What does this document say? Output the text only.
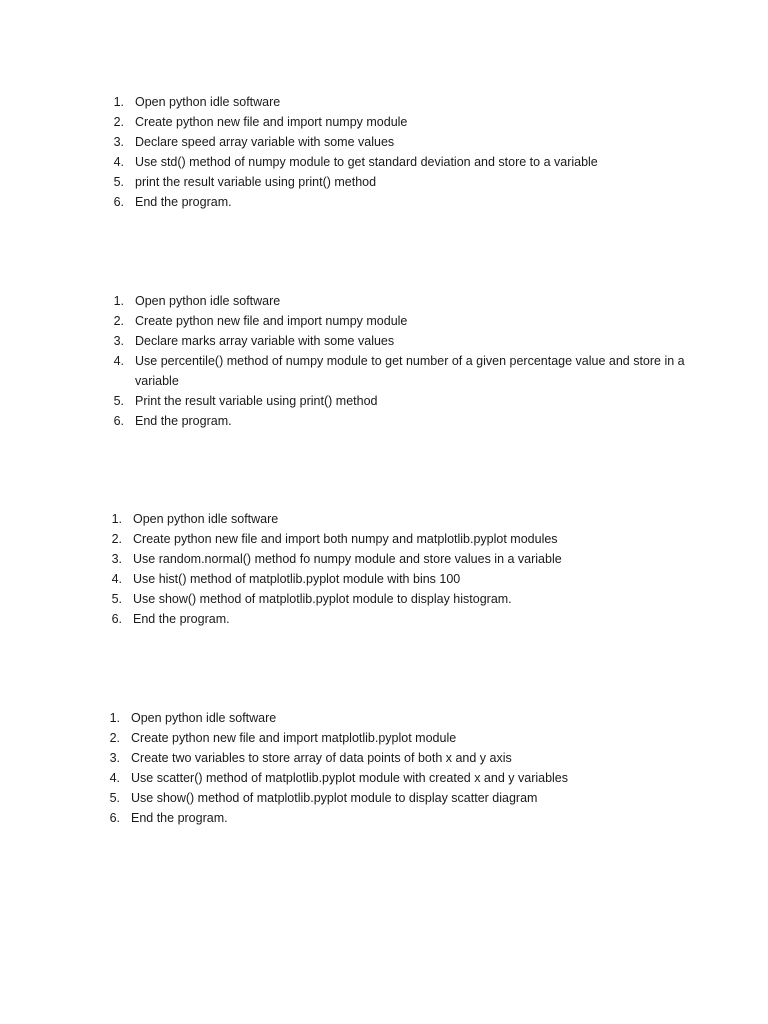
1. Open python idle software
2. Create python new file and import numpy module
3. Declare speed array variable with some values
4. Use std() method of numpy module to get standard deviation and store to a variable
5. print the result variable using print() method
6. End the program.
1. Open python idle software
2. Create python new file and import numpy module
3. Declare marks array variable with some values
4. Use percentile() method of numpy module to get number of a given percentage value and store in a variable
5. Print the result variable using print() method
6. End the program.
1. Open python idle software
2. Create python new file and import both numpy and matplotlib.pyplot modules
3. Use random.normal() method fo numpy module and store values in a variable
4. Use hist() method of matplotlib.pyplot module with bins 100
5. Use show() method of matplotlib.pyplot module to display histogram.
6. End the program.
1. Open python idle software
2. Create python new file and import matplotlib.pyplot module
3. Create two variables to store array of data points of both x and y axis
4. Use scatter() method of matplotlib.pyplot module with created x and y variables
5. Use show() method of matplotlib.pyplot module to display scatter diagram
6. End the program.
